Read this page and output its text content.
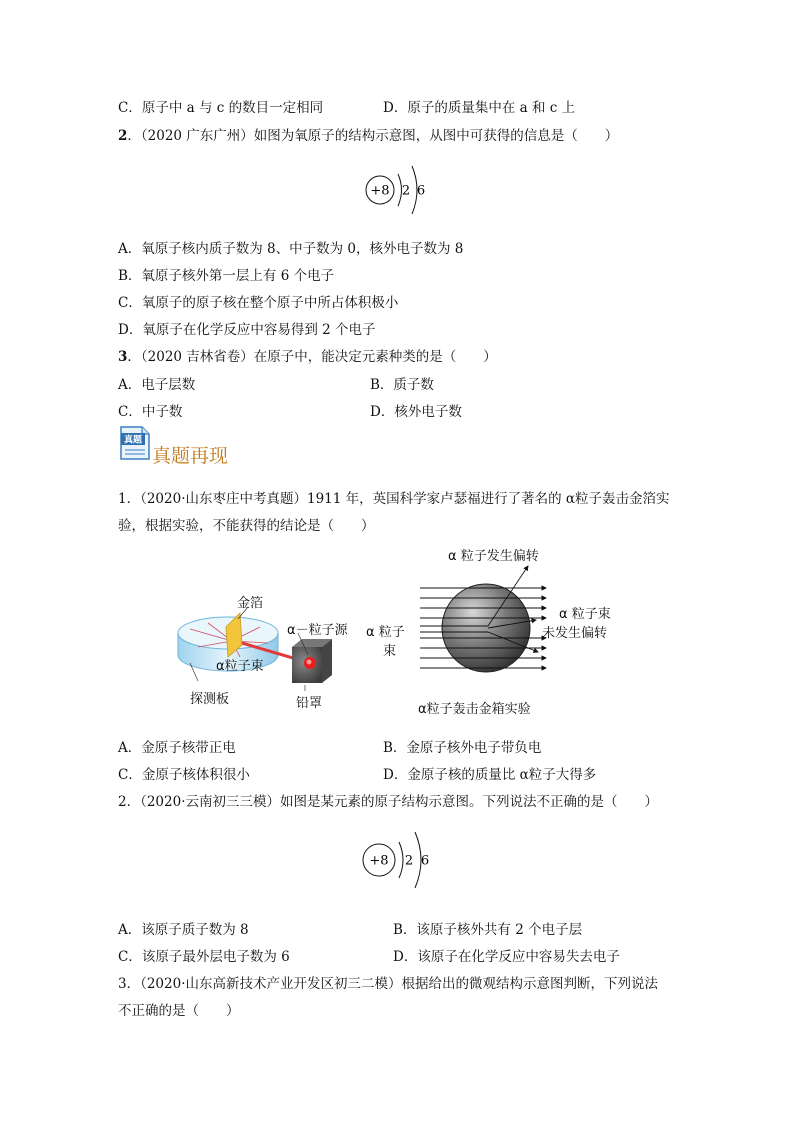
C．原子中 a 与 c 的数目一定相同	D．原子的质量集中在 a 和 c 上
2．（2020 广东广州）如图为氧原子的结构示意图，从图中可获得的信息是（　　）
+8 2 6
A．氧原子核内质子数为 8、中子数为 0，核外电子数为 8
B．氧原子核外第一层上有 6 个电子
C．氧原子的原子核在整个原子中所占体积极小
D．氧原子在化学反应中容易得到 2 个电子
3．（2020 吉林省卷）在原子中，能决定元素种类的是（　　）
A．电子层数	B．质子数
C．中子数	D．核外电子数
真题
真题再现
1．（2020·山东枣庄中考真题）1911 年，英国科学家卢瑟福进行了著名的 α粒子轰击金箔实
验，根据实验，不能获得的结论是（　　）
金箔
α－粒子源
α粒子束
探测板	铅罩
α 粒子发生偏转
α 粒子
束
α 粒子束
未发生偏转
α粒子轰击金箱实验
A．金原子核带正电	B．金原子核外电子带负电
C．金原子核体积很小	D．金原子核的质量比 α粒子大得多
2．（2020·云南初三三模）如图是某元素的原子结构示意图。下列说法不正确的是（　　）
+8 2 6
A．该原子质子数为 8	B．该原子核外共有 2 个电子层
C．该原子最外层电子数为 6	D．该原子在化学反应中容易失去电子
3．（2020·山东高新技术产业开发区初三二模）根据给出的微观结构示意图判断，下列说法
不正确的是（　　）
